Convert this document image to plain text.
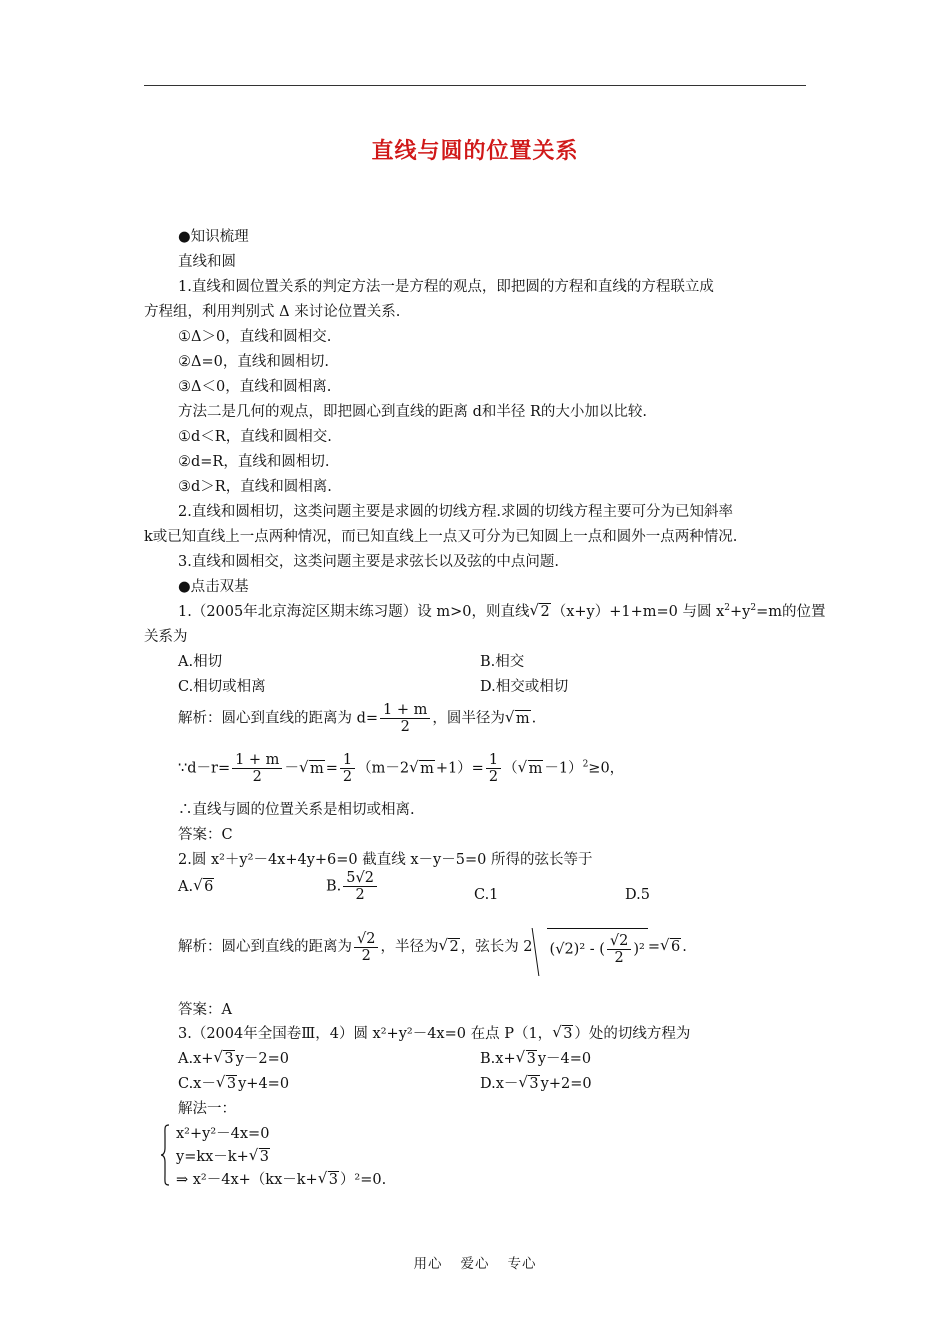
直线与圆的位置关系
●知识梳理
直线和圆
1.直线和圆位置关系的判定方法一是方程的观点，即把圆的方程和直线的方程联立成
方程组，利用判别式 Δ 来讨论位置关系.
①Δ＞0，直线和圆相交.
②Δ=0，直线和圆相切.
③Δ＜0，直线和圆相离.
方法二是几何的观点，即把圆心到直线的距离 d和半径 R的大小加以比较.
①d＜R，直线和圆相交.
②d=R，直线和圆相切.
③d＞R，直线和圆相离.
2.直线和圆相切，这类问题主要是求圆的切线方程.求圆的切线方程主要可分为已知斜率
k或已知直线上一点两种情况，而已知直线上一点又可分为已知圆上一点和圆外一点两种情况.
3.直线和圆相交，这类问题主要是求弦长以及弦的中点问题.
●点击双基
1.（2005年北京海淀区期末练习题）设 m>0，则直线√ 2 （x+y）+1+m=0 与圆 $x^2+y^2=m$的位置
关系为
A.相切	B.相交
C.相切或相离	D.相交或相切
解析：圆心到直线的距离为 $d= \frac{1 + m}{2}$ ，圆半径为√ m .
∵d－r= $\frac{1 + m}{2}$ －√ $m = \frac{1}{2} (m-2√$ $m +1)= \frac{1}{2}$ （√ m －1）$^2$≥0，
∴直线与圆的位置关系是相切或相离.
答案：C
2.圆 x²＋y²－4x+4y+6=0 截直线 x－y－5=0 所得的弦长等于
A.√ 6	B. $\frac{5√2}{2}$	C.1	D.5
解析：圆心到直线的距离为 $\frac{√2}{2}$ ，半径为√ 2 ，弦长为 2 (√2)² - ( $\frac{√2}{2} )^2$ =√ 6 .
答案：A
3.（2004年全国卷Ⅲ，4）圆 x²+y²－4x=0 在点 P（1，√ 3 ）处的切线方程为
A.x+√ 3 y－2=0	B.x+√ 3 y－4=0
C.x－√ 3 y+4=0	D.x－√ 3 y+2=0
解法一：
x²+y²－4x=0
y=kx－k+√ 3
⇒ x²－4x+（kx－k+√ 3 ）²=0.
用心 爱心 专心
